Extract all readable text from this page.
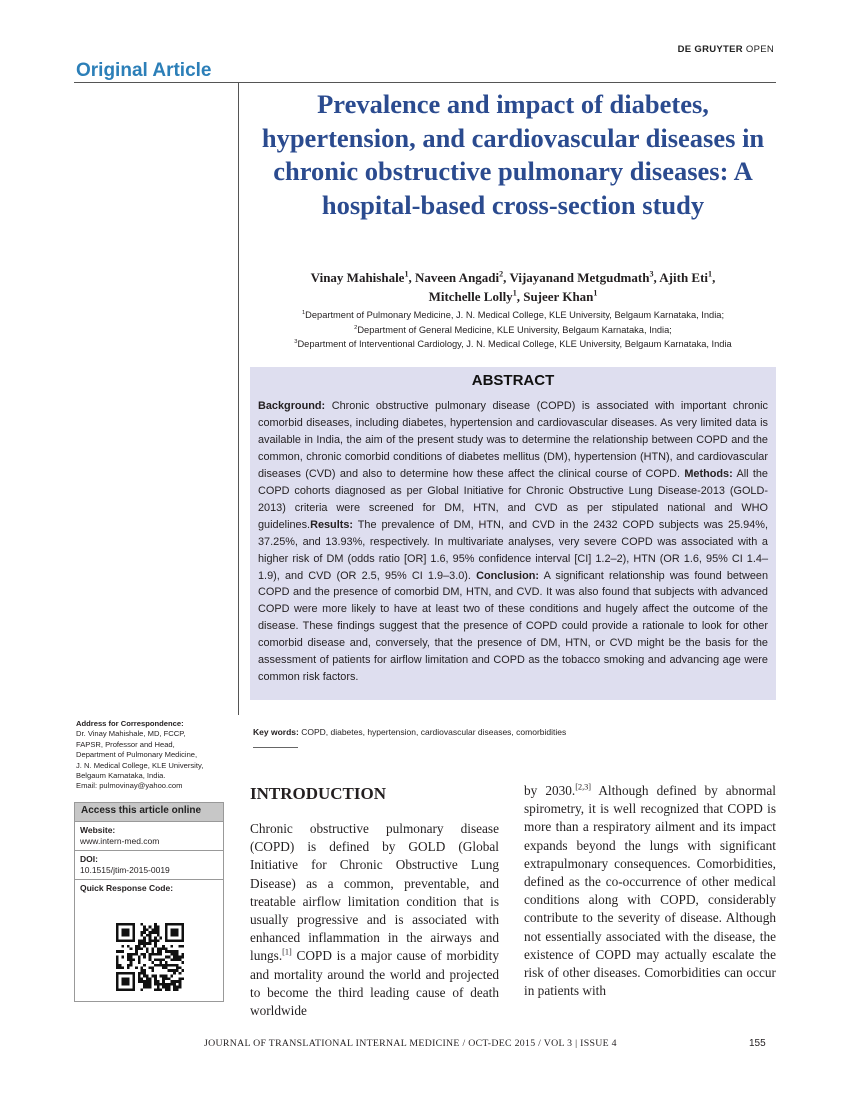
DE GRUYTER OPEN
Original Article
Prevalence and impact of diabetes, hypertension, and cardiovascular diseases in chronic obstructive pulmonary diseases: A hospital-based cross-section study
Vinay Mahishale$^1$, Naveen Angadi$^2$, Vijayanand Metgudmath$^3$, Ajith Eti$^1$,
Mitchelle Lolly$^1$, Sujeer Khan$^1$
$^1$Department of Pulmonary Medicine, J. N. Medical College, KLE University, Belgaum Karnataka, India;
$^2$Department of General Medicine, KLE University, Belgaum Karnataka, India;
$^3$Department of Interventional Cardiology, J. N. Medical College, KLE University, Belgaum Karnataka, India
ABSTRACT

Background: Chronic obstructive pulmonary disease (COPD) is associated with important chronic comorbid diseases, including diabetes, hypertension and cardiovascular diseases. As very limited data is available in India, the aim of the present study was to determine the relationship between COPD and the common, chronic comorbid conditions of diabetes mellitus (DM), hypertension (HTN), and cardiovascular diseases (CVD) and also to determine how these affect the clinical course of COPD. Methods: All the COPD cohorts diagnosed as per Global Initiative for Chronic Obstructive Lung Disease-2013 (GOLD-2013) criteria were screened for DM, HTN, and CVD as per stipulated national and WHO guidelines.Results: The prevalence of DM, HTN, and CVD in the 2432 COPD subjects was 25.94%, 37.25%, and 13.93%, respectively. In multivariate analyses, very severe COPD was associated with a higher risk of DM (odds ratio [OR] 1.6, 95% confidence interval [CI] 1.2–2), HTN (OR 1.6, 95% CI 1.4–1.9), and CVD (OR 2.5, 95% CI 1.9–3.0). Conclusion: A significant relationship was found between COPD and the presence of comorbid DM, HTN, and CVD. It was also found that subjects with advanced COPD were more likely to have at least two of these conditions and hugely affect the outcome of the disease. These findings suggest that the presence of COPD could provide a rationale to look for other comorbid disease and, conversely, that the presence of DM, HTN, or CVD might be the basis for the assessment of patients for airflow limitation and COPD as the tobacco smoking and advancing age were common risk factors.

Key words: COPD, diabetes, hypertension, cardiovascular diseases, comorbidities
Address for Correspondence:
Dr. Vinay Mahishale, MD, FCCP,
FAPSR, Professor and Head,
Department of Pulmonary Medicine,
J. N. Medical College, KLE University,
Belgaum Karnataka, India.
Email: pulmovinay@yahoo.com
Access this article online
Website:
www.intern-med.com
DOI:
10.1515/jtim-2015-0019
Quick Response Code:
INTRODUCTION

Chronic obstructive pulmonary disease (COPD) is defined by GOLD (Global Initiative for Chronic Obstructive Lung Disease) as a common, preventable, and treatable airflow limitation condition that is usually progressive and is associated with enhanced inflammation in the airways and lungs.[1] COPD is a major cause of morbidity and mortality around the world and projected to become the third leading cause of death worldwide

by 2030.[2,3] Although defined by abnormal spirometry, it is well recognized that COPD is more than a respiratory ailment and its impact expands beyond the lungs with significant extrapulmonary consequences. Comorbidities, defined as the co-occurrence of other medical conditions along with COPD, considerably contribute to the severity of disease. Although not essentially associated with the disease, the existence of COPD may actually escalate the risk of other diseases. Comorbidities can occur in patients with

JOURNAL OF TRANSLATIONAL INTERNAL MEDICINE / OCT-DEC 2015 / VOL 3 | ISSUE 4	155
